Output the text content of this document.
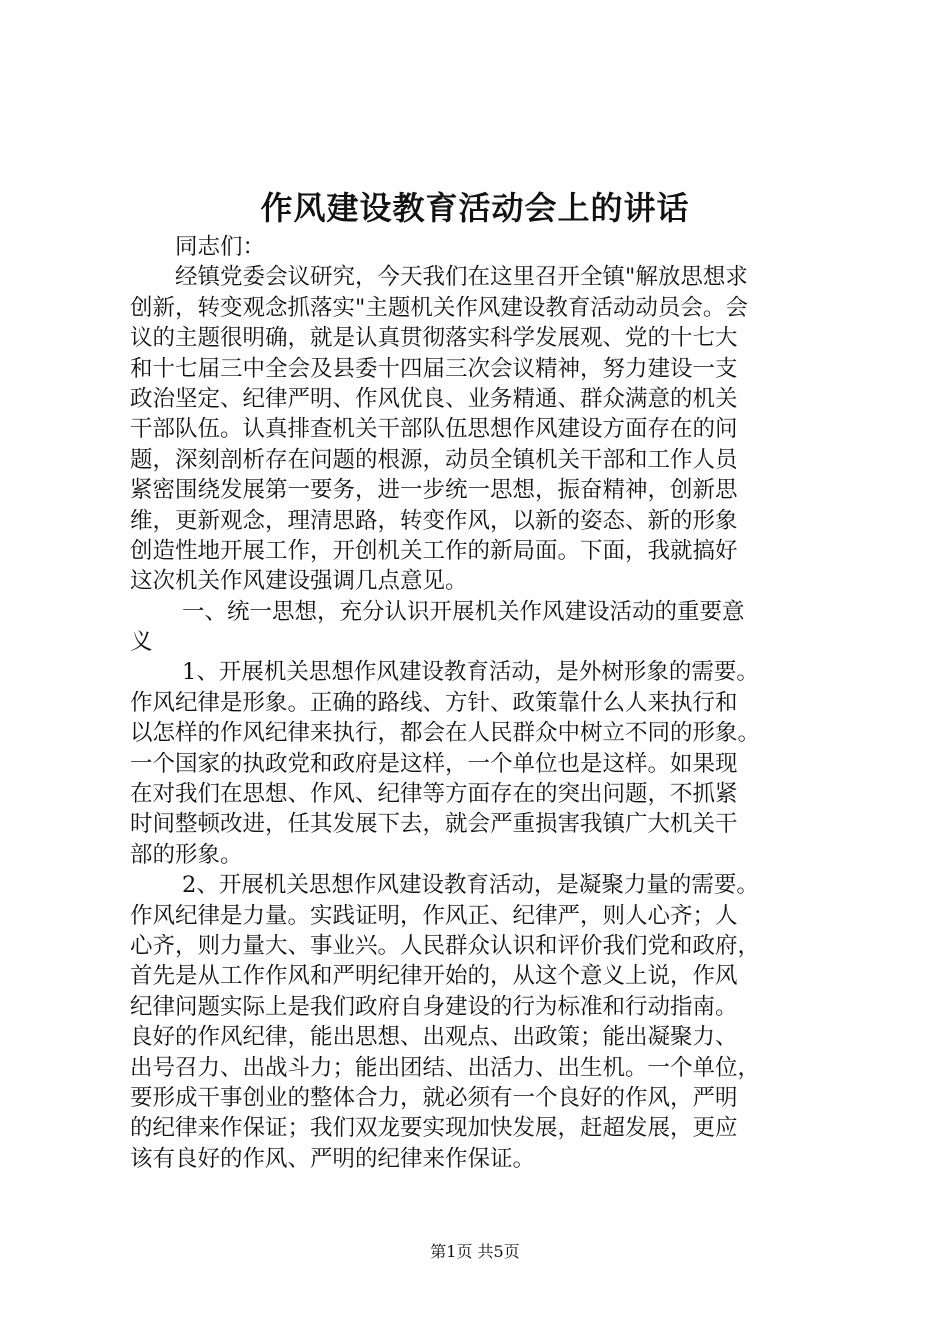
作风建设教育活动会上的讲话
同志们：
经镇党委会议研究，今天我们在这里召开全镇"解放思想求
创新，转变观念抓落实"主题机关作风建设教育活动动员会。会
议的主题很明确，就是认真贯彻落实科学发展观、党的十七大
和十七届三中全会及县委十四届三次会议精神，努力建设一支
政治坚定、纪律严明、作风优良、业务精通、群众满意的机关
干部队伍。认真排查机关干部队伍思想作风建设方面存在的问
题，深刻剖析存在问题的根源，动员全镇机关干部和工作人员
紧密围绕发展第一要务，进一步统一思想，振奋精神，创新思
维，更新观念，理清思路，转变作风，以新的姿态、新的形象
创造性地开展工作，开创机关工作的新局面。下面，我就搞好
这次机关作风建设强调几点意见。
一、统一思想，充分认识开展机关作风建设活动的重要意
义
1、开展机关思想作风建设教育活动，是外树形象的需要。
作风纪律是形象。正确的路线、方针、政策靠什么人来执行和
以怎样的作风纪律来执行，都会在人民群众中树立不同的形象。
一个国家的执政党和政府是这样，一个单位也是这样。如果现
在对我们在思想、作风、纪律等方面存在的突出问题，不抓紧
时间整顿改进，任其发展下去，就会严重损害我镇广大机关干
部的形象。
2、开展机关思想作风建设教育活动，是凝聚力量的需要。
作风纪律是力量。实践证明，作风正、纪律严，则人心齐；人
心齐，则力量大、事业兴。人民群众认识和评价我们党和政府，
首先是从工作作风和严明纪律开始的，从这个意义上说，作风
纪律问题实际上是我们政府自身建设的行为标准和行动指南。
良好的作风纪律，能出思想、出观点、出政策；能出凝聚力、
出号召力、出战斗力；能出团结、出活力、出生机。一个单位，
要形成干事创业的整体合力，就必须有一个良好的作风，严明
的纪律来作保证；我们双龙要实现加快发展，赶超发展，更应
该有良好的作风、严明的纪律来作保证。
第1页 共5页
